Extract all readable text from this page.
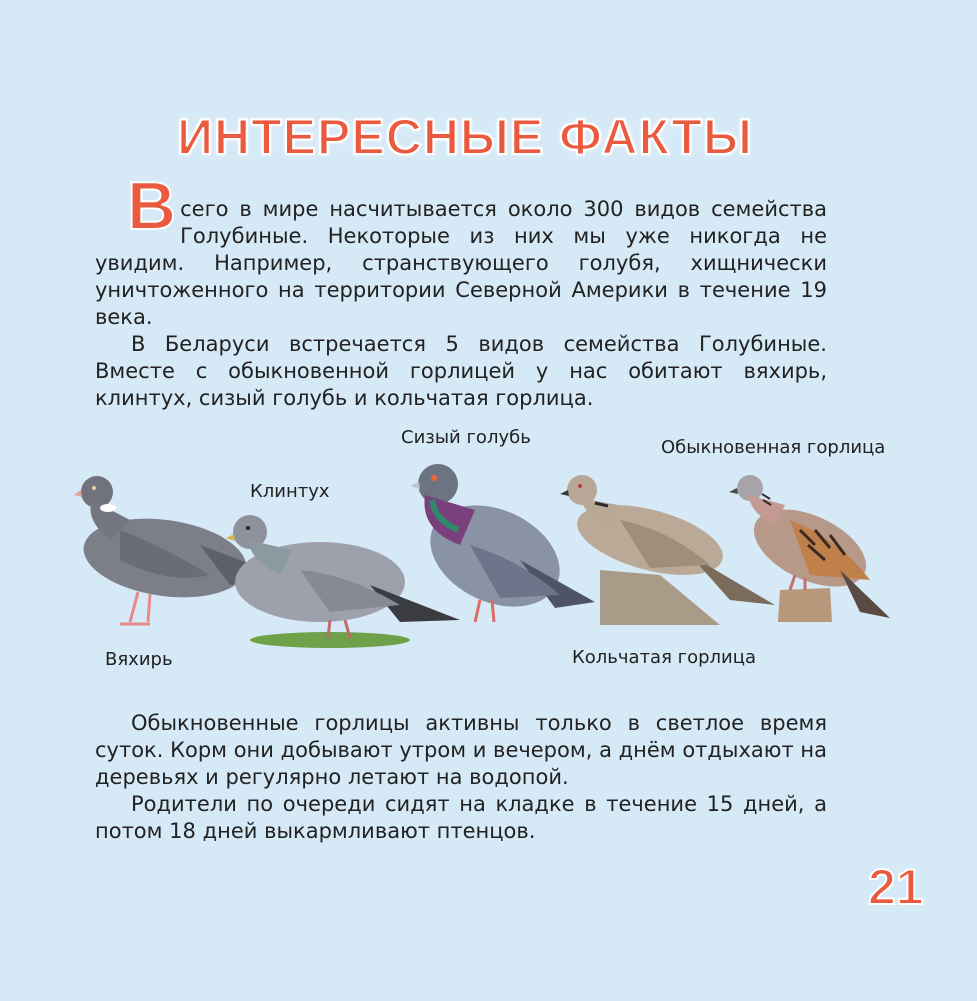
ИНТЕРЕСНЫЕ ФАКТЫ

Всего в мире насчитывается около 300 видов семейства Голубиные. Некоторые из них мы уже никогда не увидим. Например, странствующего голубя, хищнически уничтоженного на территории Северной Америки в течение 19 века.

В Беларуси встречается 5 видов семейства Голубиные. Вместе с обыкновенной горлицей у нас обитают вяхирь, клинтух, сизый голубь и кольчатая горлица.

Сизый голубь	Обыкновенная горлица
Клинтух
Вяхирь	Кольчатая горлица

Обыкновенные горлицы активны только в светлое время суток. Корм они добывают утром и вечером, а днём отдыхают на деревьях и регулярно летают на водопой.

Родители по очереди сидят на кладке в течение 15 дней, а потом 18 дней выкармливают птенцов.

21
